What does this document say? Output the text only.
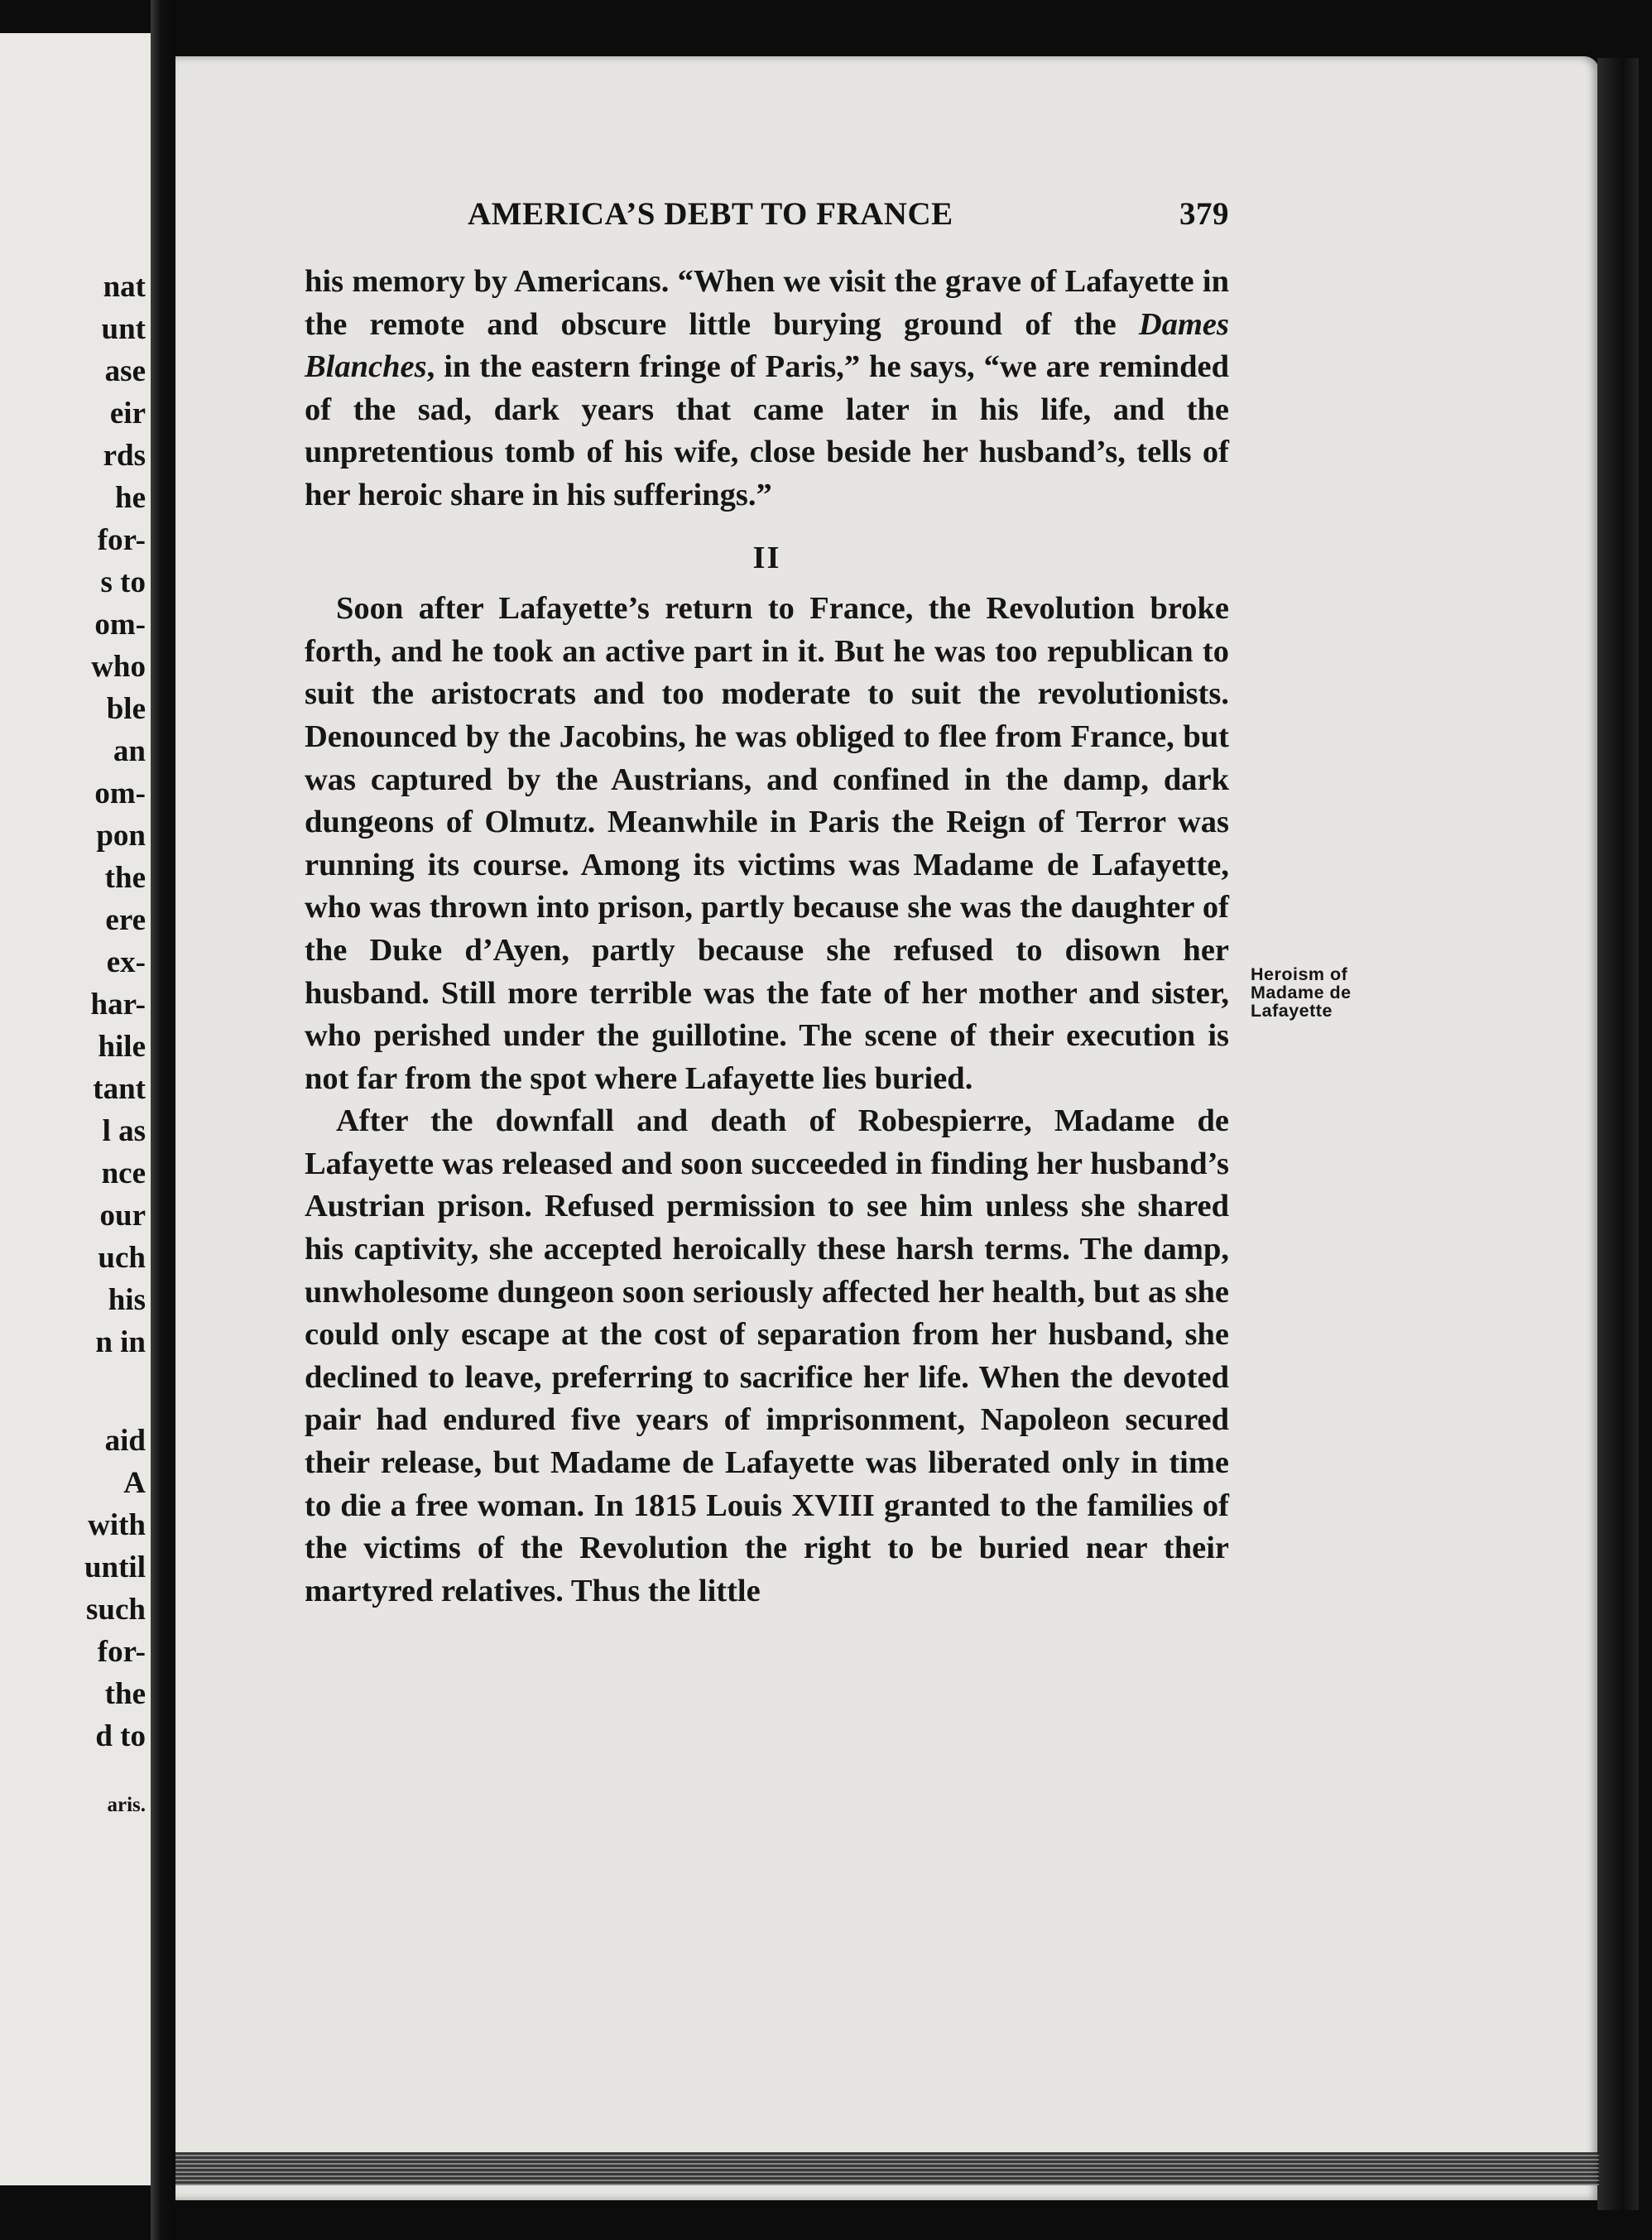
nat
unt
ase
eir
rds
he
for-
s to
om-
who
ble
an
om-
pon
the
ere
ex-
har-
hile
tant
l as
nce
our
uch
his
n in
aid
A
with
until
such
for-
the
d to
aris.
AMERICA’S DEBT TO FRANCE	379

his memory by Americans. “When we visit the grave of Lafayette in the remote and obscure little burying ground of the Dames Blanches, in the eastern fringe of Paris,” he says, “we are reminded of the sad, dark years that came later in his life, and the unpretentious tomb of his wife, close beside her husband’s, tells of her heroic share in his sufferings.”

II

Soon after Lafayette’s return to France, the Revolution broke forth, and he took an active part in it. But he was too republican to suit the aristocrats and too moderate to suit the revolutionists. Denounced by the Jacobins, he was obliged to flee from France, but was captured by the Austrians, and confined in the damp, dark dungeons of Olmutz. Meanwhile in Paris the Reign of Terror was running its course. Among its victims was Madame de Lafayette, who was thrown into prison, partly because she was the daughter of the Duke d’Ayen, partly because she refused to disown her husband. Still more terrible was the fate of her mother and sister, who perished under the guillotine. The scene of their execution is not far from the spot where Lafayette lies buried.

After the downfall and death of Robespierre, Madame de Lafayette was released and soon succeeded in finding her husband’s Austrian prison. Refused permission to see him unless she shared his captivity, she accepted heroically these harsh terms. The damp, unwholesome dungeon soon seriously affected her health, but as she could only escape at the cost of separation from her husband, she declined to leave, preferring to sacrifice her life. When the devoted pair had endured five years of imprisonment, Napoleon secured their release, but Madame de Lafayette was liberated only in time to die a free woman. In 1815 Louis XVIII granted to the families of the victims of the Revolution the right to be buried near their martyred relatives. Thus the little

Heroism of
Madame de
Lafayette
